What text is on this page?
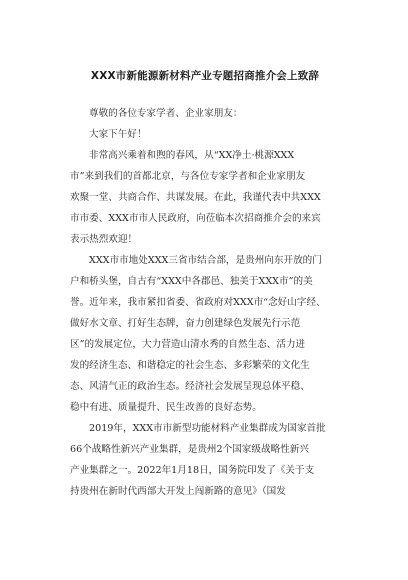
XXX市新能源新材料产业专题招商推介会上致辞

尊敬的各位专家学者、企业家朋友：

大家下午好！

非常高兴乘着和煦的春风，从“XX净土·桃源XXX
市”来到我们的首都北京，与各位专家学者和企业家朋友
欢聚一堂、共商合作、共谋发展。在此，我谨代表中共XXX
市市委、XXX市市人民政府，向莅临本次招商推介会的来宾
表示热烈欢迎！

XXX市市地处XXX三省市结合部，是贵州向东开放的门
户和桥头堡，自古有“XXX中各郡邑、独美于XXX市”的美
誉。近年来，我市紧扣省委、省政府对XXX市“念好山字经、
做好水文章、打好生态牌，奋力创建绿色发展先行示范
区”的发展定位，大力营造山清水秀的自然生态、活力迸
发的经济生态、和谐稳定的社会生态、多彩繁荣的文化生
态、风清气正的政治生态。经济社会发展呈现总体平稳、
稳中有进、质量提升、民生改善的良好态势。

2019年，XXX市市新型功能材料产业集群成为国家首批
66个战略性新兴产业集群，是贵州2个国家级战略性新兴
产业集群之一。2022年1月18日，国务院印发了《关于支
持贵州在新时代西部大开发上闯新路的意见》（国发
